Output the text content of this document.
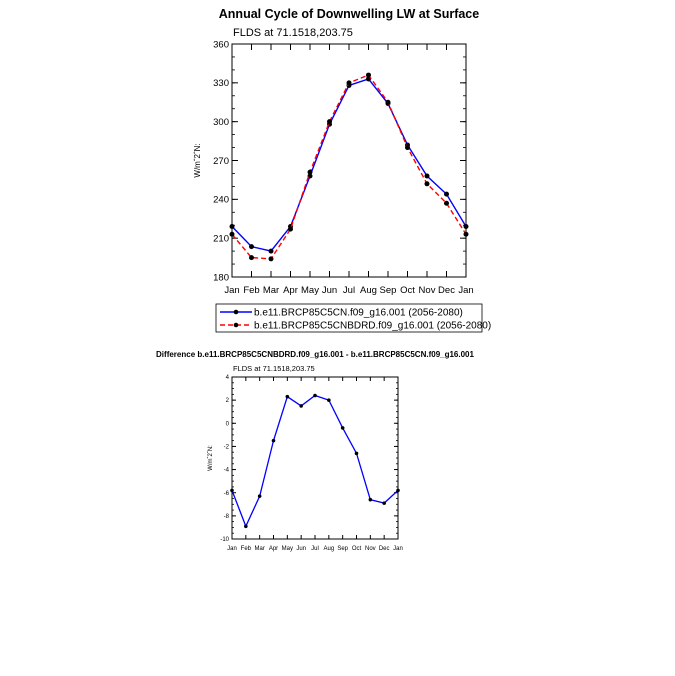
Annual Cycle of Downwelling LW at Surface
FLDS at 71.1518,203.75
180
210
240
270
300
330
360
Jan Feb Mar Apr May Jun Jul Aug Sep Oct Nov Dec Jan
W/mˆ2ˆN:
b.e11.BRCP85C5CN.f09_g16.001 (2056-2080)
b.e11.BRCP85C5CNBDRD.f09_g16.001 (2056-2080)
Difference b.e11.BRCP85C5CNBDRD.f09_g16.001 - b.e11.BRCP85C5CN.f09_g16.001
FLDS at 71.1518,203.75
-10
-8
-6
-4
-2
0
2
4
Jan Feb Mar Apr May Jun Jul Aug Sep Oct Nov Dec Jan
W/mˆ2ˆN:
